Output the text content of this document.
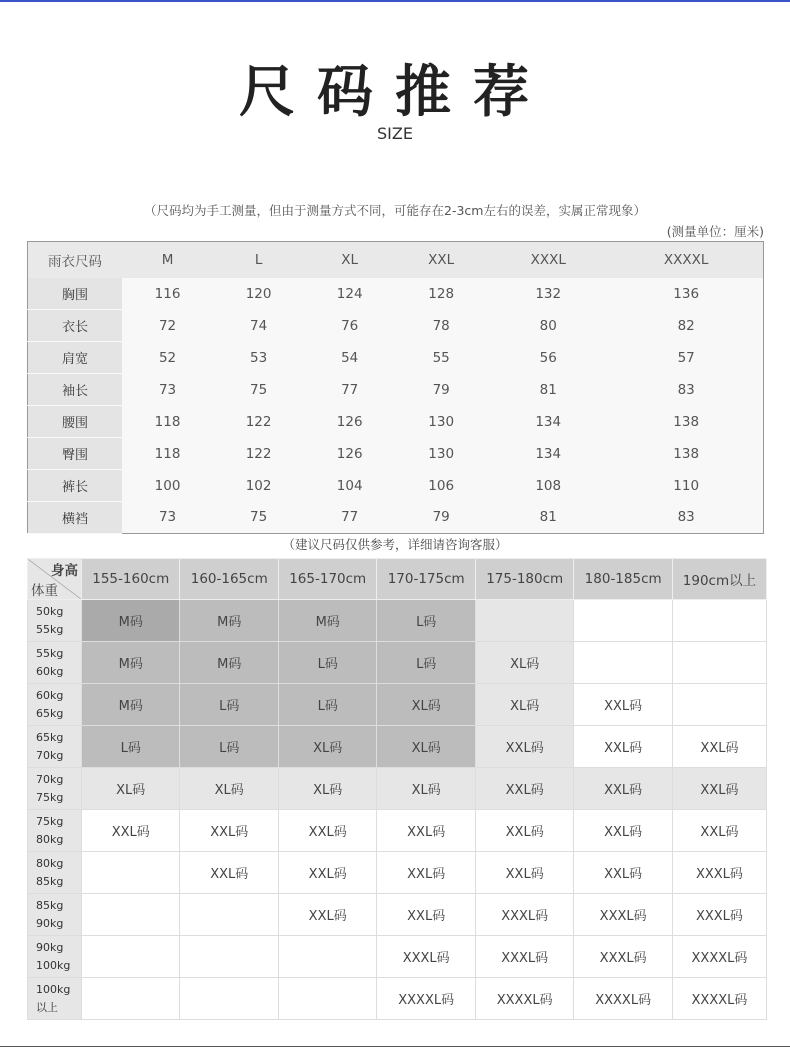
尺码推荐
SIZE
（尺码均为手工测量，但由于测量方式不同，可能存在2-3cm左右的误差，实属正常现象）
(测量单位：厘米)
雨衣尺码	M	L	XL	XXL	XXXL	XXXXL
胸围	116	120	124	128	132	136
衣长	72	74	76	78	80	82
肩宽	52	53	54	55	56	57
袖长	73	75	77	79	81	83
腰围	118	122	126	130	134	138
臀围	118	122	126	130	134	138
裤长	100	102	104	106	108	110
横裆	73	75	77	79	81	83
（建议尺码仅供参考，详细请咨询客服）
身高
体重	155-160cm	160-165cm	165-170cm	170-175cm	175-180cm	180-185cm	190cm以上

50kg
55kg	M码	M码	M码	L码			

55kg
60kg	M码	M码	L码	L码	XL码		

60kg
65kg	M码	L码	L码	XL码	XL码	XXL码	

65kg
70kg	L码	L码	XL码	XL码	XXL码	XXL码	XXL码

70kg
75kg	XL码	XL码	XL码	XL码	XXL码	XXL码	XXL码

75kg
80kg	XXL码	XXL码	XXL码	XXL码	XXL码	XXL码	XXL码

80kg
85kg		XXL码	XXL码	XXL码	XXL码	XXL码	XXXL码

85kg
90kg			XXL码	XXL码	XXXL码	XXXL码	XXXL码

90kg
100kg				XXXL码	XXXL码	XXXL码	XXXXL码

100kg
以上				XXXXL码	XXXXL码	XXXXL码	XXXXL码
